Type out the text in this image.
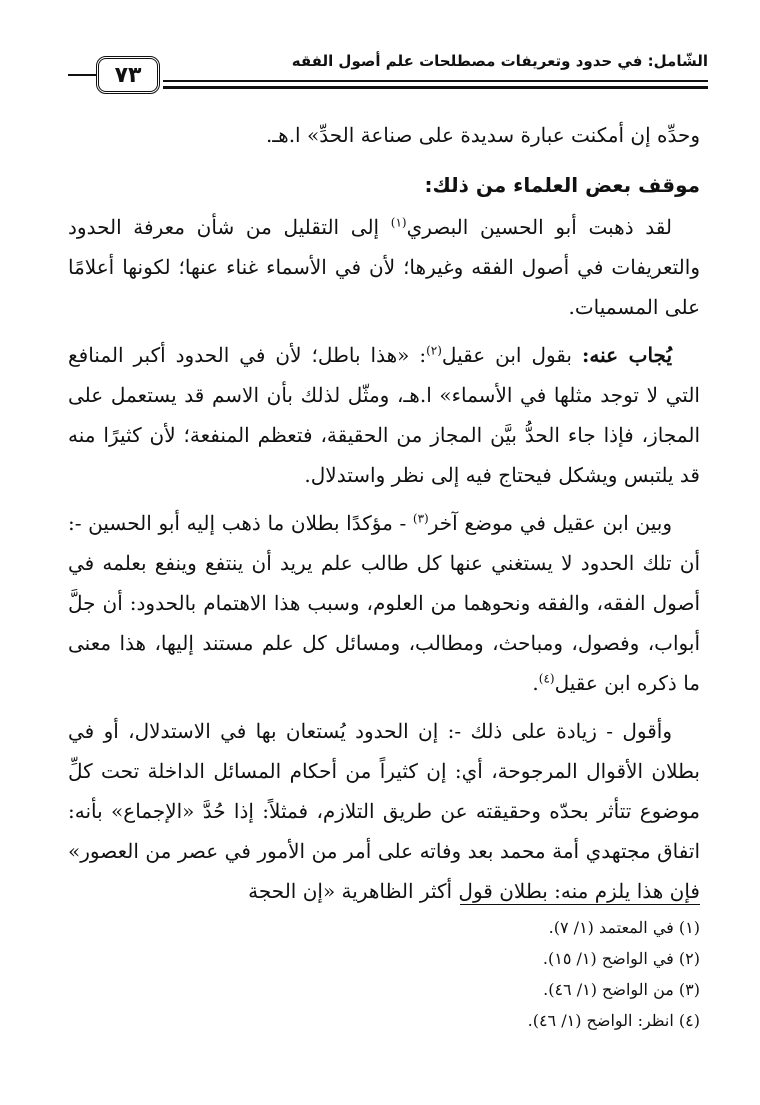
الشّامل: في حدود وتعريفات مصطلحات علم أصول الفقه
٧٣

وحدِّه إن أمكنت عبارة سديدة على صناعة الحدِّ» ا.هـ.

موقف بعض العلماء من ذلك:

لقد ذهبت أبو الحسين البصري$^{(١)}$ إلى التقليل من شأن معرفة الحدود والتعريفات في أصول الفقه وغيرها؛ لأن في الأسماء غناء عنها؛ لكونها أعلامًا على المسميات.

يُجاب عنه: بقول ابن عقيل$^{(٢)}$: «هذا باطل؛ لأن في الحدود أكبر المنافع التي لا توجد مثلها في الأسماء» ا.هـ، ومثّل لذلك بأن الاسم قد يستعمل على المجاز، فإذا جاء الحدُّ بيَّن المجاز من الحقيقة، فتعظم المنفعة؛ لأن كثيرًا منه قد يلتبس ويشكل فيحتاج فيه إلى نظر واستدلال.

وبين ابن عقيل في موضع آخر$^{(٣)}$ - مؤكدًا بطلان ما ذهب إليه أبو الحسين -: أن تلك الحدود لا يستغني عنها كل طالب علم يريد أن ينتفع وينفع بعلمه في أصول الفقه، والفقه ونحوهما من العلوم، وسبب هذا الاهتمام بالحدود: أن جلَّ أبواب، وفصول، ومباحث، ومطالب، ومسائل كل علم مستند إليها، هذا معنى ما ذكره ابن عقيل$^{(٤)}$.

وأقول - زيادة على ذلك -: إن الحدود يُستعان بها في الاستدلال، أو في بطلان الأقوال المرجوحة، أي: إن كثيراً من أحكام المسائل الداخلة تحت كلِّ موضوع تتأثر بحدّه وحقيقته عن طريق التلازم، فمثلاً: إذا حُدَّ «الإجماع» بأنه: اتفاق مجتهدي أمة محمد بعد وفاته على أمر من الأمور في عصر من العصور» فإن هذا يلزم منه: بطلان قول أكثر الظاهرية «إن الحجة

(١) في المعتمد (١/ ٧).
(٢) في الواضح (١/ ١٥).
(٣) من الواضح (١/ ٤٦).
(٤) انظر: الواضح (١/ ٤٦).
